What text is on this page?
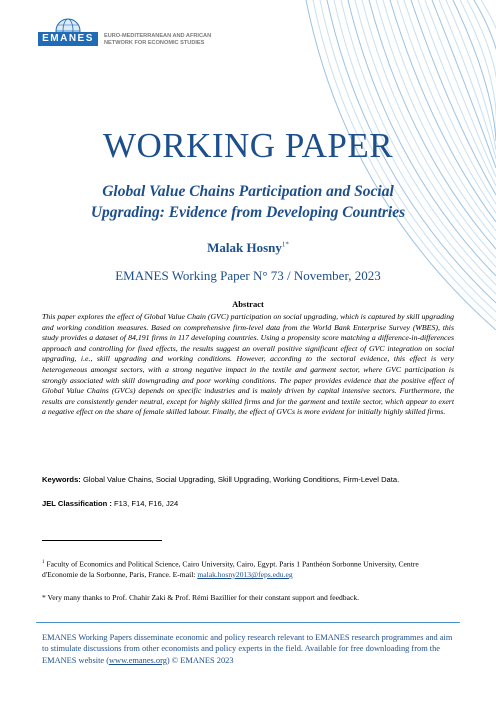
EMANES	EURO-MEDITERRANEAN AND AFRICAN
NETWORK FOR ECONOMIC STUDIES
WORKING PAPER
Global Value Chains Participation and Social
Upgrading: Evidence from Developing Countries
Malak Hosny$^{1*}$
EMANES Working Paper N° 73 / November, 2023
Abstract
This paper explores the effect of Global Value Chain (GVC) participation on social upgrading, which is captured by skill upgrading and working condition measures. Based on comprehensive firm-level data from the World Bank Enterprise Survey (WBES), this study provides a dataset of 84,191 firms in 117 developing countries. Using a propensity score matching a difference-in-differences approach and controlling for fixed effects, the results suggest an overall positive significant effect of GVC integration on social upgrading, i.e., skill upgrading and working conditions. However, according to the sectoral evidence, this effect is very heterogeneous amongst sectors, with a strong negative impact in the textile and garment sector, where GVC participation is strongly associated with skill downgrading and poor working conditions. The paper provides evidence that the positive effect of Global Value Chains (GVCs) depends on specific industries and is mainly driven by capital intensive sectors. Furthermore, the results are consistently gender neutral, except for highly skilled firms and for the garment and textile sector, which appear to exert a negative effect on the share of female skilled labour. Finally, the effect of GVCs is more evident for initially highly skilled firms.
Keywords: Global Value Chains, Social Upgrading, Skill Upgrading, Working Conditions, Firm-Level Data.
JEL Classification : F13, F14, F16, J24
$^1$ Faculty of Economics and Political Science, Cairo University, Cairo, Egypt. Paris 1 Panthéon Sorbonne University, Centre d'Economie de la Sorbonne, Paris, France. E-mail: malak.hosny2013@feps.edu.eg
* Very many thanks to Prof. Chahir Zaki & Prof. Rémi Bazillier for their constant support and feedback.
EMANES Working Papers disseminate economic and policy research relevant to EMANES research programmes and aim to stimulate discussions from other economists and policy experts in the field. Available for free downloading from the EMANES website (www.emanes.org) © EMANES 2023
